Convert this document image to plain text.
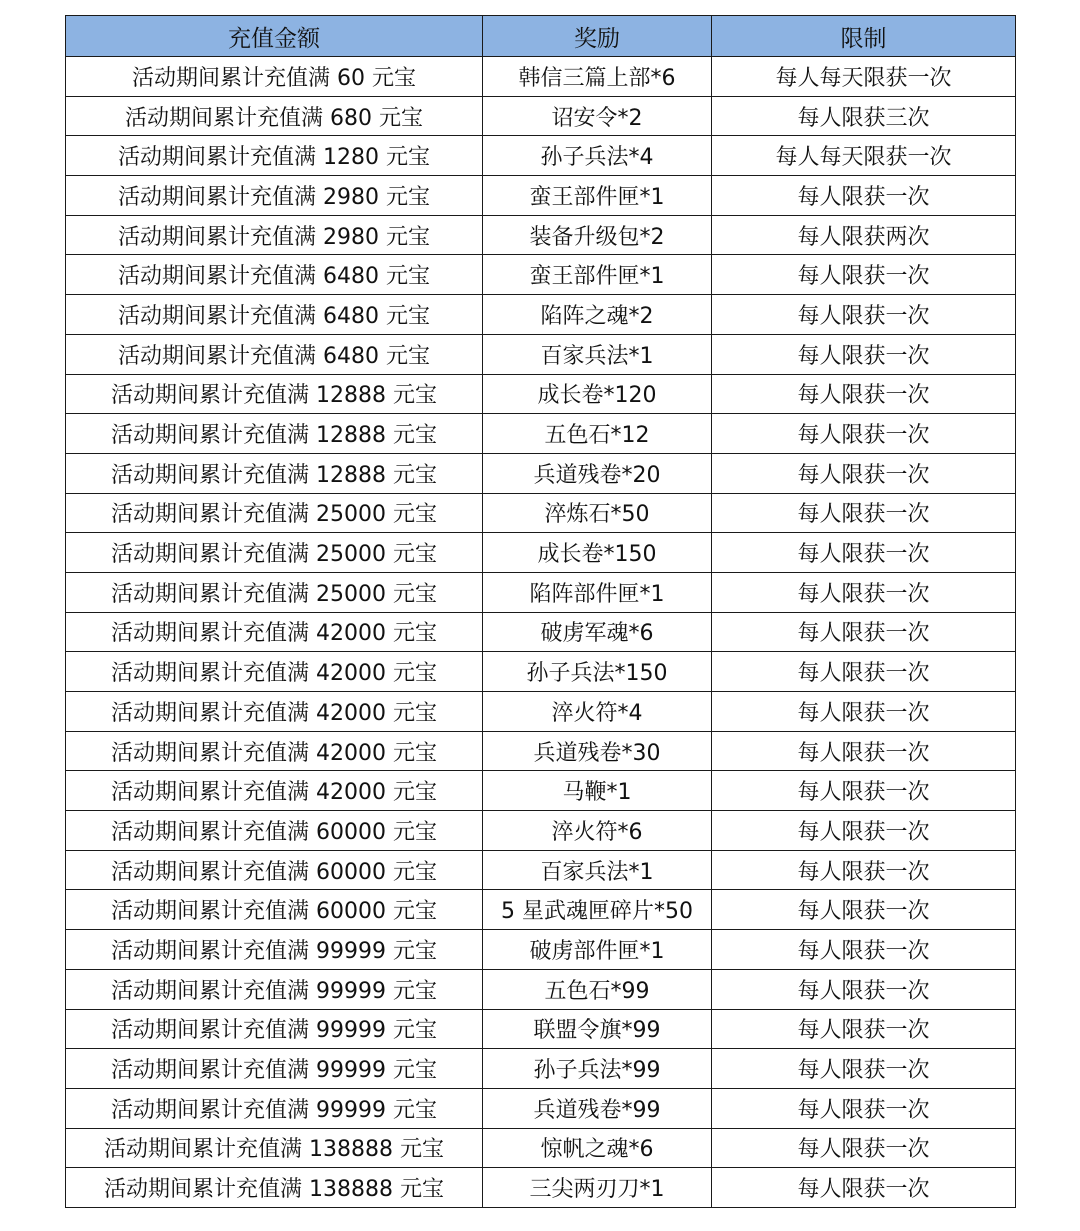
充值金额	奖励	限制
活动期间累计充值满 60 元宝	韩信三篇上部*6	每人每天限获一次
活动期间累计充值满 680 元宝	诏安令*2	每人限获三次
活动期间累计充值满 1280 元宝	孙子兵法*4	每人每天限获一次
活动期间累计充值满 2980 元宝	蛮王部件匣*1	每人限获一次
活动期间累计充值满 2980 元宝	装备升级包*2	每人限获两次
活动期间累计充值满 6480 元宝	蛮王部件匣*1	每人限获一次
活动期间累计充值满 6480 元宝	陷阵之魂*2	每人限获一次
活动期间累计充值满 6480 元宝	百家兵法*1	每人限获一次
活动期间累计充值满 12888 元宝	成长卷*120	每人限获一次
活动期间累计充值满 12888 元宝	五色石*12	每人限获一次
活动期间累计充值满 12888 元宝	兵道残卷*20	每人限获一次
活动期间累计充值满 25000 元宝	淬炼石*50	每人限获一次
活动期间累计充值满 25000 元宝	成长卷*150	每人限获一次
活动期间累计充值满 25000 元宝	陷阵部件匣*1	每人限获一次
活动期间累计充值满 42000 元宝	破虏军魂*6	每人限获一次
活动期间累计充值满 42000 元宝	孙子兵法*150	每人限获一次
活动期间累计充值满 42000 元宝	淬火符*4	每人限获一次
活动期间累计充值满 42000 元宝	兵道残卷*30	每人限获一次
活动期间累计充值满 42000 元宝	马鞭*1	每人限获一次
活动期间累计充值满 60000 元宝	淬火符*6	每人限获一次
活动期间累计充值满 60000 元宝	百家兵法*1	每人限获一次
活动期间累计充值满 60000 元宝	5 星武魂匣碎片*50	每人限获一次
活动期间累计充值满 99999 元宝	破虏部件匣*1	每人限获一次
活动期间累计充值满 99999 元宝	五色石*99	每人限获一次
活动期间累计充值满 99999 元宝	联盟令旗*99	每人限获一次
活动期间累计充值满 99999 元宝	孙子兵法*99	每人限获一次
活动期间累计充值满 99999 元宝	兵道残卷*99	每人限获一次
活动期间累计充值满 138888 元宝	惊帆之魂*6	每人限获一次
活动期间累计充值满 138888 元宝	三尖两刃刀*1	每人限获一次
